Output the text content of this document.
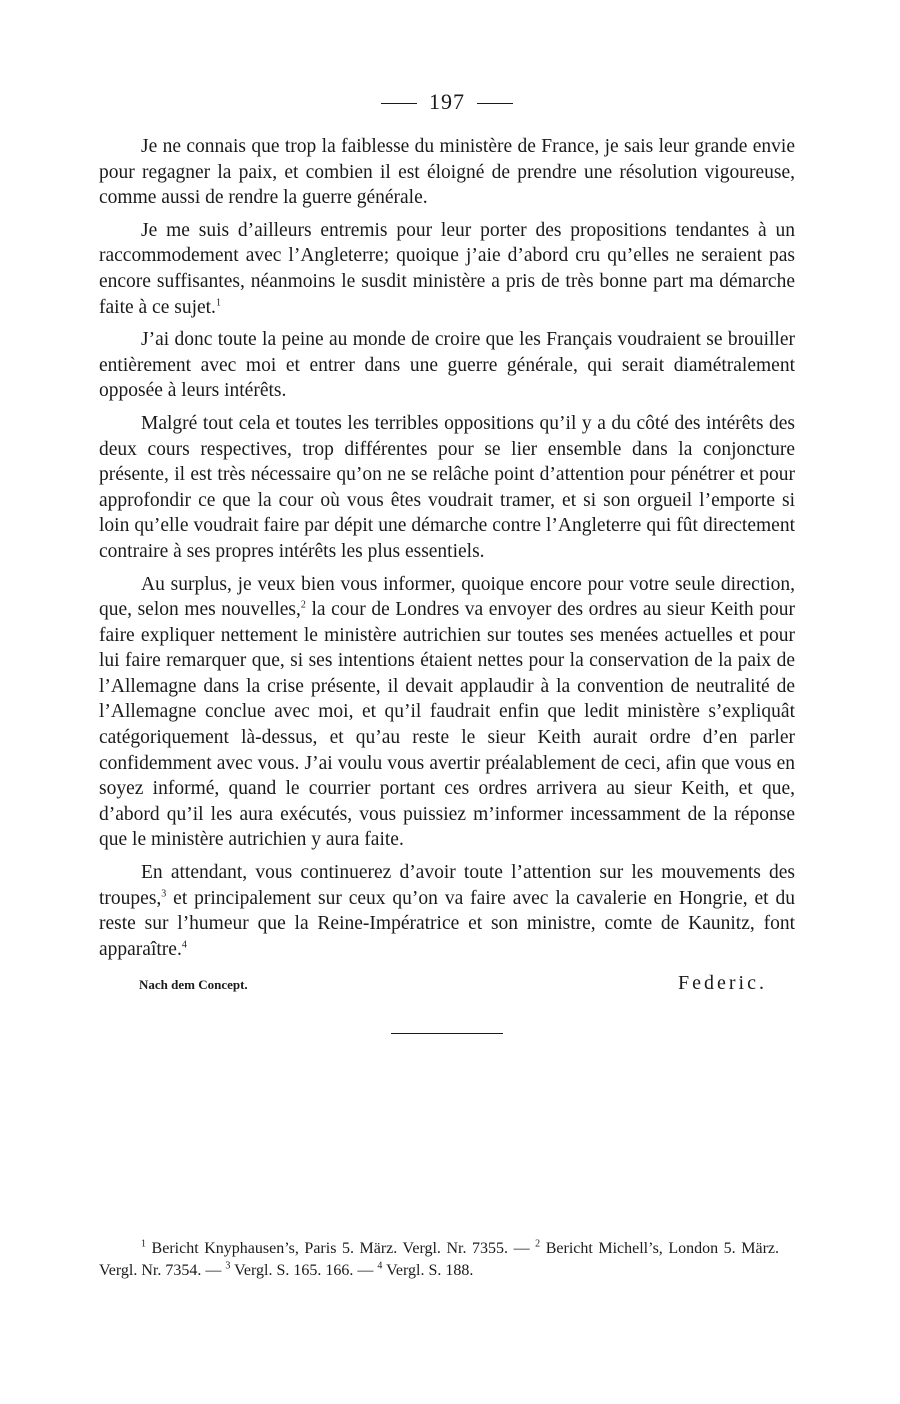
197

Je ne connais que trop la faiblesse du ministère de France, je sais leur grande envie pour regagner la paix, et combien il est éloigné de prendre une résolution vigoureuse, comme aussi de rendre la guerre générale.

Je me suis d’ailleurs entremis pour leur porter des propositions tendantes à un raccommodement avec l’Angleterre; quoique j’aie d’abord cru qu’elles ne seraient pas encore suffisantes, néanmoins le susdit ministère a pris de très bonne part ma démarche faite à ce sujet.$^1$

J’ai donc toute la peine au monde de croire que les Français voudraient se brouiller entièrement avec moi et entrer dans une guerre générale, qui serait diamétralement opposée à leurs intérêts.

Malgré tout cela et toutes les terribles oppositions qu’il y a du côté des intérêts des deux cours respectives, trop différentes pour se lier ensemble dans la conjoncture présente, il est très nécessaire qu’on ne se relâche point d’attention pour pénétrer et pour approfondir ce que la cour où vous êtes voudrait tramer, et si son orgueil l’emporte si loin qu’elle voudrait faire par dépit une démarche contre l’Angleterre qui fût directement contraire à ses propres intérêts les plus essentiels.

Au surplus, je veux bien vous informer, quoique encore pour votre seule direction, que, selon mes nouvelles,$^2$ la cour de Londres va envoyer des ordres au sieur Keith pour faire expliquer nettement le ministère autrichien sur toutes ses menées actuelles et pour lui faire remarquer que, si ses intentions étaient nettes pour la conservation de la paix de l’Allemagne dans la crise présente, il devait applaudir à la convention de neutralité de l’Allemagne conclue avec moi, et qu’il faudrait enfin que ledit ministère s’expliquât catégoriquement là-dessus, et qu’au reste le sieur Keith aurait ordre d’en parler confidemment avec vous. J’ai voulu vous avertir préalablement de ceci, afin que vous en soyez informé, quand le courrier portant ces ordres arrivera au sieur Keith, et que, d’abord qu’il les aura exécutés, vous puissiez m’informer incessamment de la réponse que le ministère autrichien y aura faite.

En attendant, vous continuerez d’avoir toute l’attention sur les mouvements des troupes,$^3$ et principalement sur ceux qu’on va faire avec la cavalerie en Hongrie, et du reste sur l’humeur que la Reine-Impératrice et son ministre, comte de Kaunitz, font apparaître.$^4$

Nach dem Concept.	Federic.
$^1$ Bericht Knyphausen’s, Paris 5. März. Vergl. Nr. 7355. — $^2$ Bericht Michell’s, London 5. März. Vergl. Nr. 7354. — $^3$ Vergl. S. 165. 166. — $^4$ Vergl. S. 188.
